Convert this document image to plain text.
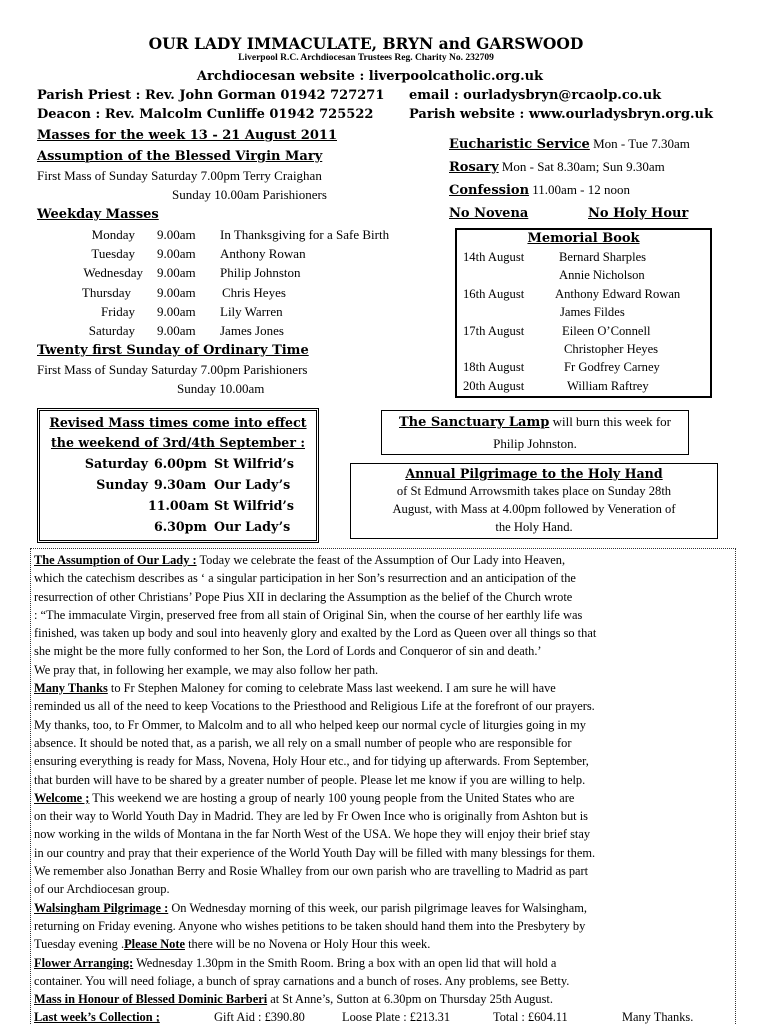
OUR LADY IMMACULATE, BRYN and GARSWOOD
Liverpool R.C. Archdiocesan Trustees Reg. Charity No. 232709
Archdiocesan website : liverpoolcatholic.org.uk
Parish Priest : Rev. John Gorman 01942 727271
Deacon : Rev. Malcolm Cunliffe 01942 725522
email : ourladysbryn@rcaolp.co.uk
Parish website : www.ourladysbryn.org.uk
Masses for the week 13 - 21 August 2011
Assumption of the Blessed Virgin Mary
First Mass of Sunday Saturday 7.00pm Terry Craighan
Sunday 10.00am Parishioners
Weekday Masses
Monday 9.00am In Thanksgiving for a Safe Birth
Tuesday 9.00am Anthony Rowan
Wednesday 9.00am Philip Johnston
Thursday 9.00am Chris Heyes
Friday 9.00am Lily Warren
Saturday 9.00am James Jones
Twenty first Sunday of Ordinary Time
First Mass of Sunday Saturday 7.00pm Parishioners
Sunday 10.00am
Eucharistic Service Mon - Tue 7.30am
Rosary Mon - Sat 8.30am; Sun 9.30am
Confession 11.00am - 12 noon
No Novena	No Holy Hour
Memorial Book
14th August	Bernard Sharples
Annie Nicholson
16th August Anthony Edward Rowan
James Fildes
17th August	Eileen O’Connell
Christopher Heyes
18th August	Fr Godfrey Carney
20th August	William Raftrey
Revised Mass times come into effect
the weekend of 3rd/4th September :
Saturday 6.00pm St Wilfrid’s
Sunday 9.30am Our Lady’s
11.00am St Wilfrid’s
6.30pm Our Lady’s
The Sanctuary Lamp will burn this week for
Philip Johnston.
Annual Pilgrimage to the Holy Hand
of St Edmund Arrowsmith takes place on Sunday 28th
August, with Mass at 4.00pm followed by Veneration of
the Holy Hand.

The Assumption of Our Lady : Today we celebrate the feast of the Assumption of Our Lady into Heaven,

which the catechism describes as ‘ a singular participation in her Son’s resurrection and an anticipation of the

resurrection of other Christians’ Pope Pius XII in declaring the Assumption as the belief of the Church wrote

: “The immaculate Virgin, preserved free from all stain of Original Sin, when the course of her earthly life was

finished, was taken up body and soul into heavenly glory and exalted by the Lord as Queen over all things so that

she might be the more fully conformed to her Son, the Lord of Lords and Conqueror of sin and death.’

We pray that, in following her example, we may also follow her path.

Many Thanks to Fr Stephen Maloney for coming to celebrate Mass last weekend. I am sure he will have

reminded us all of the need to keep Vocations to the Priesthood and Religious Life at the forefront of our prayers.

My thanks, too, to Fr Ommer, to Malcolm and to all who helped keep our normal cycle of liturgies going in my

absence. It should be noted that, as a parish, we all rely on a small number of people who are responsible for

ensuring everything is ready for Mass, Novena, Holy Hour etc., and for tidying up afterwards. From September,

that burden will have to be shared by a greater number of people. Please let me know if you are willing to help.

Welcome ; This weekend we are hosting a group of nearly 100 young people from the United States who are

on their way to World Youth Day in Madrid. They are led by Fr Owen Ince who is originally from Ashton but is

now working in the wilds of Montana in the far North West of the USA. We hope they will enjoy their brief stay

in our country and pray that their experience of the World Youth Day will be filled with many blessings for them.

We remember also Jonathan Berry and Rosie Whalley from our own parish who are travelling to Madrid as part

of our Archdiocesan group.

Walsingham Pilgrimage : On Wednesday morning of this week, our parish pilgrimage leaves for Walsingham,

returning on Friday evening. Anyone who wishes petitions to be taken should hand them into the Presbytery by

Tuesday evening .Please Note there will be no Novena or Holy Hour this week.

Flower Arranging: Wednesday 1.30pm in the Smith Room. Bring a box with an open lid that will hold a

container. You will need foliage, a bunch of spray carnations and a bunch of roses. Any problems, see Betty.

Mass in Honour of Blessed Dominic Barberi at St Anne’s, Sutton at 6.30pm on Thursday 25th August.

Last week’s Collection ;	Gift Aid : £390.80	Loose Plate : £213.31	Total : £604.11	Many Thanks.
